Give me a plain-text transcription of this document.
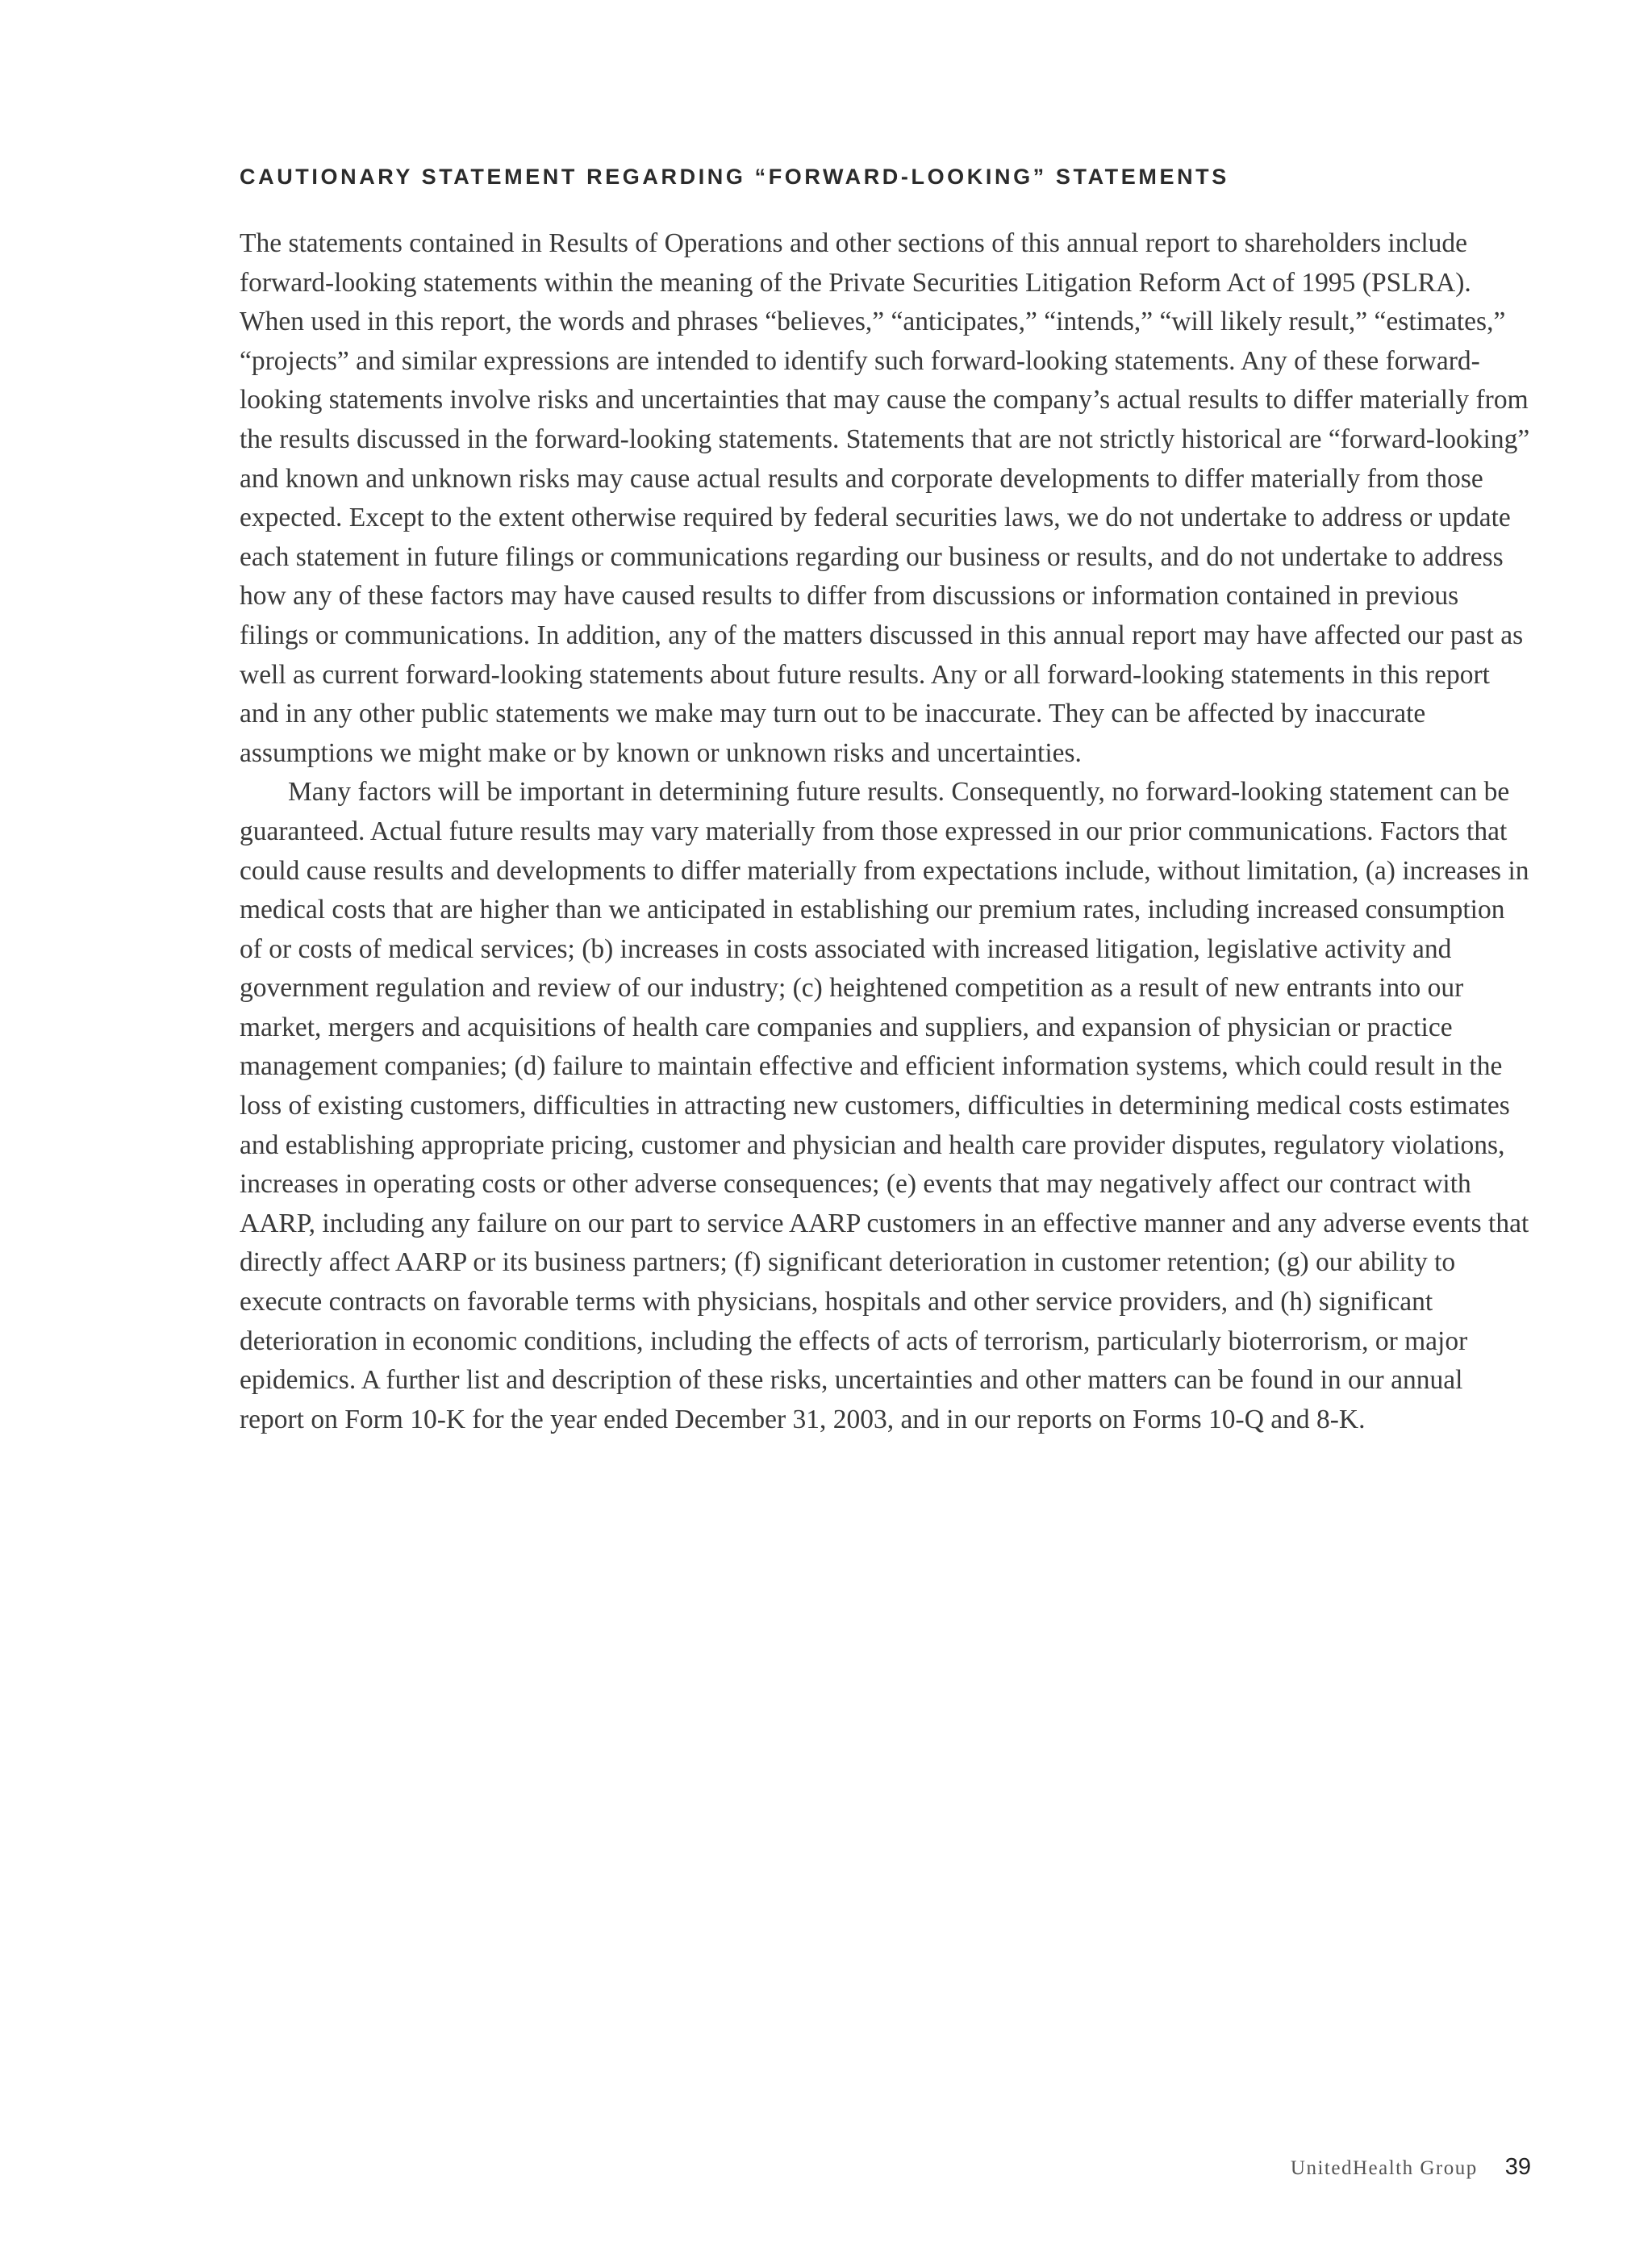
CAUTIONARY STATEMENT REGARDING “FORWARD-LOOKING” STATEMENTS

The statements contained in Results of Operations and other sections of this annual report to shareholders include forward-looking statements within the meaning of the Private Securities Litigation Reform Act of 1995 (PSLRA). When used in this report, the words and phrases “believes,” “anticipates,” “intends,” “will likely result,” “estimates,” “projects” and similar expressions are intended to identify such forward-looking statements. Any of these forward-looking statements involve risks and uncertainties that may cause the company’s actual results to differ materially from the results discussed in the forward-looking statements. Statements that are not strictly historical are “forward-looking” and known and unknown risks may cause actual results and corporate developments to differ materially from those expected. Except to the extent otherwise required by federal securities laws, we do not undertake to address or update each statement in future filings or communications regarding our business or results, and do not undertake to address how any of these factors may have caused results to differ from discussions or information contained in previous filings or communications. In addition, any of the matters discussed in this annual report may have affected our past as well as current forward-looking statements about future results. Any or all forward-looking statements in this report and in any other public statements we make may turn out to be inaccurate. They can be affected by inaccurate assumptions we might make or by known or unknown risks and uncertainties.

Many factors will be important in determining future results. Consequently, no forward-looking statement can be guaranteed. Actual future results may vary materially from those expressed in our prior communications. Factors that could cause results and developments to differ materially from expectations include, without limitation, (a) increases in medical costs that are higher than we anticipated in establishing our premium rates, including increased consumption of or costs of medical services; (b) increases in costs associated with increased litigation, legislative activity and government regulation and review of our industry; (c) heightened competition as a result of new entrants into our market, mergers and acquisitions of health care companies and suppliers, and expansion of physician or practice management companies; (d) failure to maintain effective and efficient information systems, which could result in the loss of existing customers, difficulties in attracting new customers, difficulties in determining medical costs estimates and establishing appropriate pricing, customer and physician and health care provider disputes, regulatory violations, increases in operating costs or other adverse consequences; (e) events that may negatively affect our contract with AARP, including any failure on our part to service AARP customers in an effective manner and any adverse events that directly affect AARP or its business partners; (f) significant deterioration in customer retention; (g) our ability to execute contracts on favorable terms with physicians, hospitals and other service providers, and (h) significant deterioration in economic conditions, including the effects of acts of terrorism, particularly bioterrorism, or major epidemics. A further list and description of these risks, uncertainties and other matters can be found in our annual report on Form 10-K for the year ended December 31, 2003, and in our reports on Forms 10-Q and 8-K.

UnitedHealth Group 39
